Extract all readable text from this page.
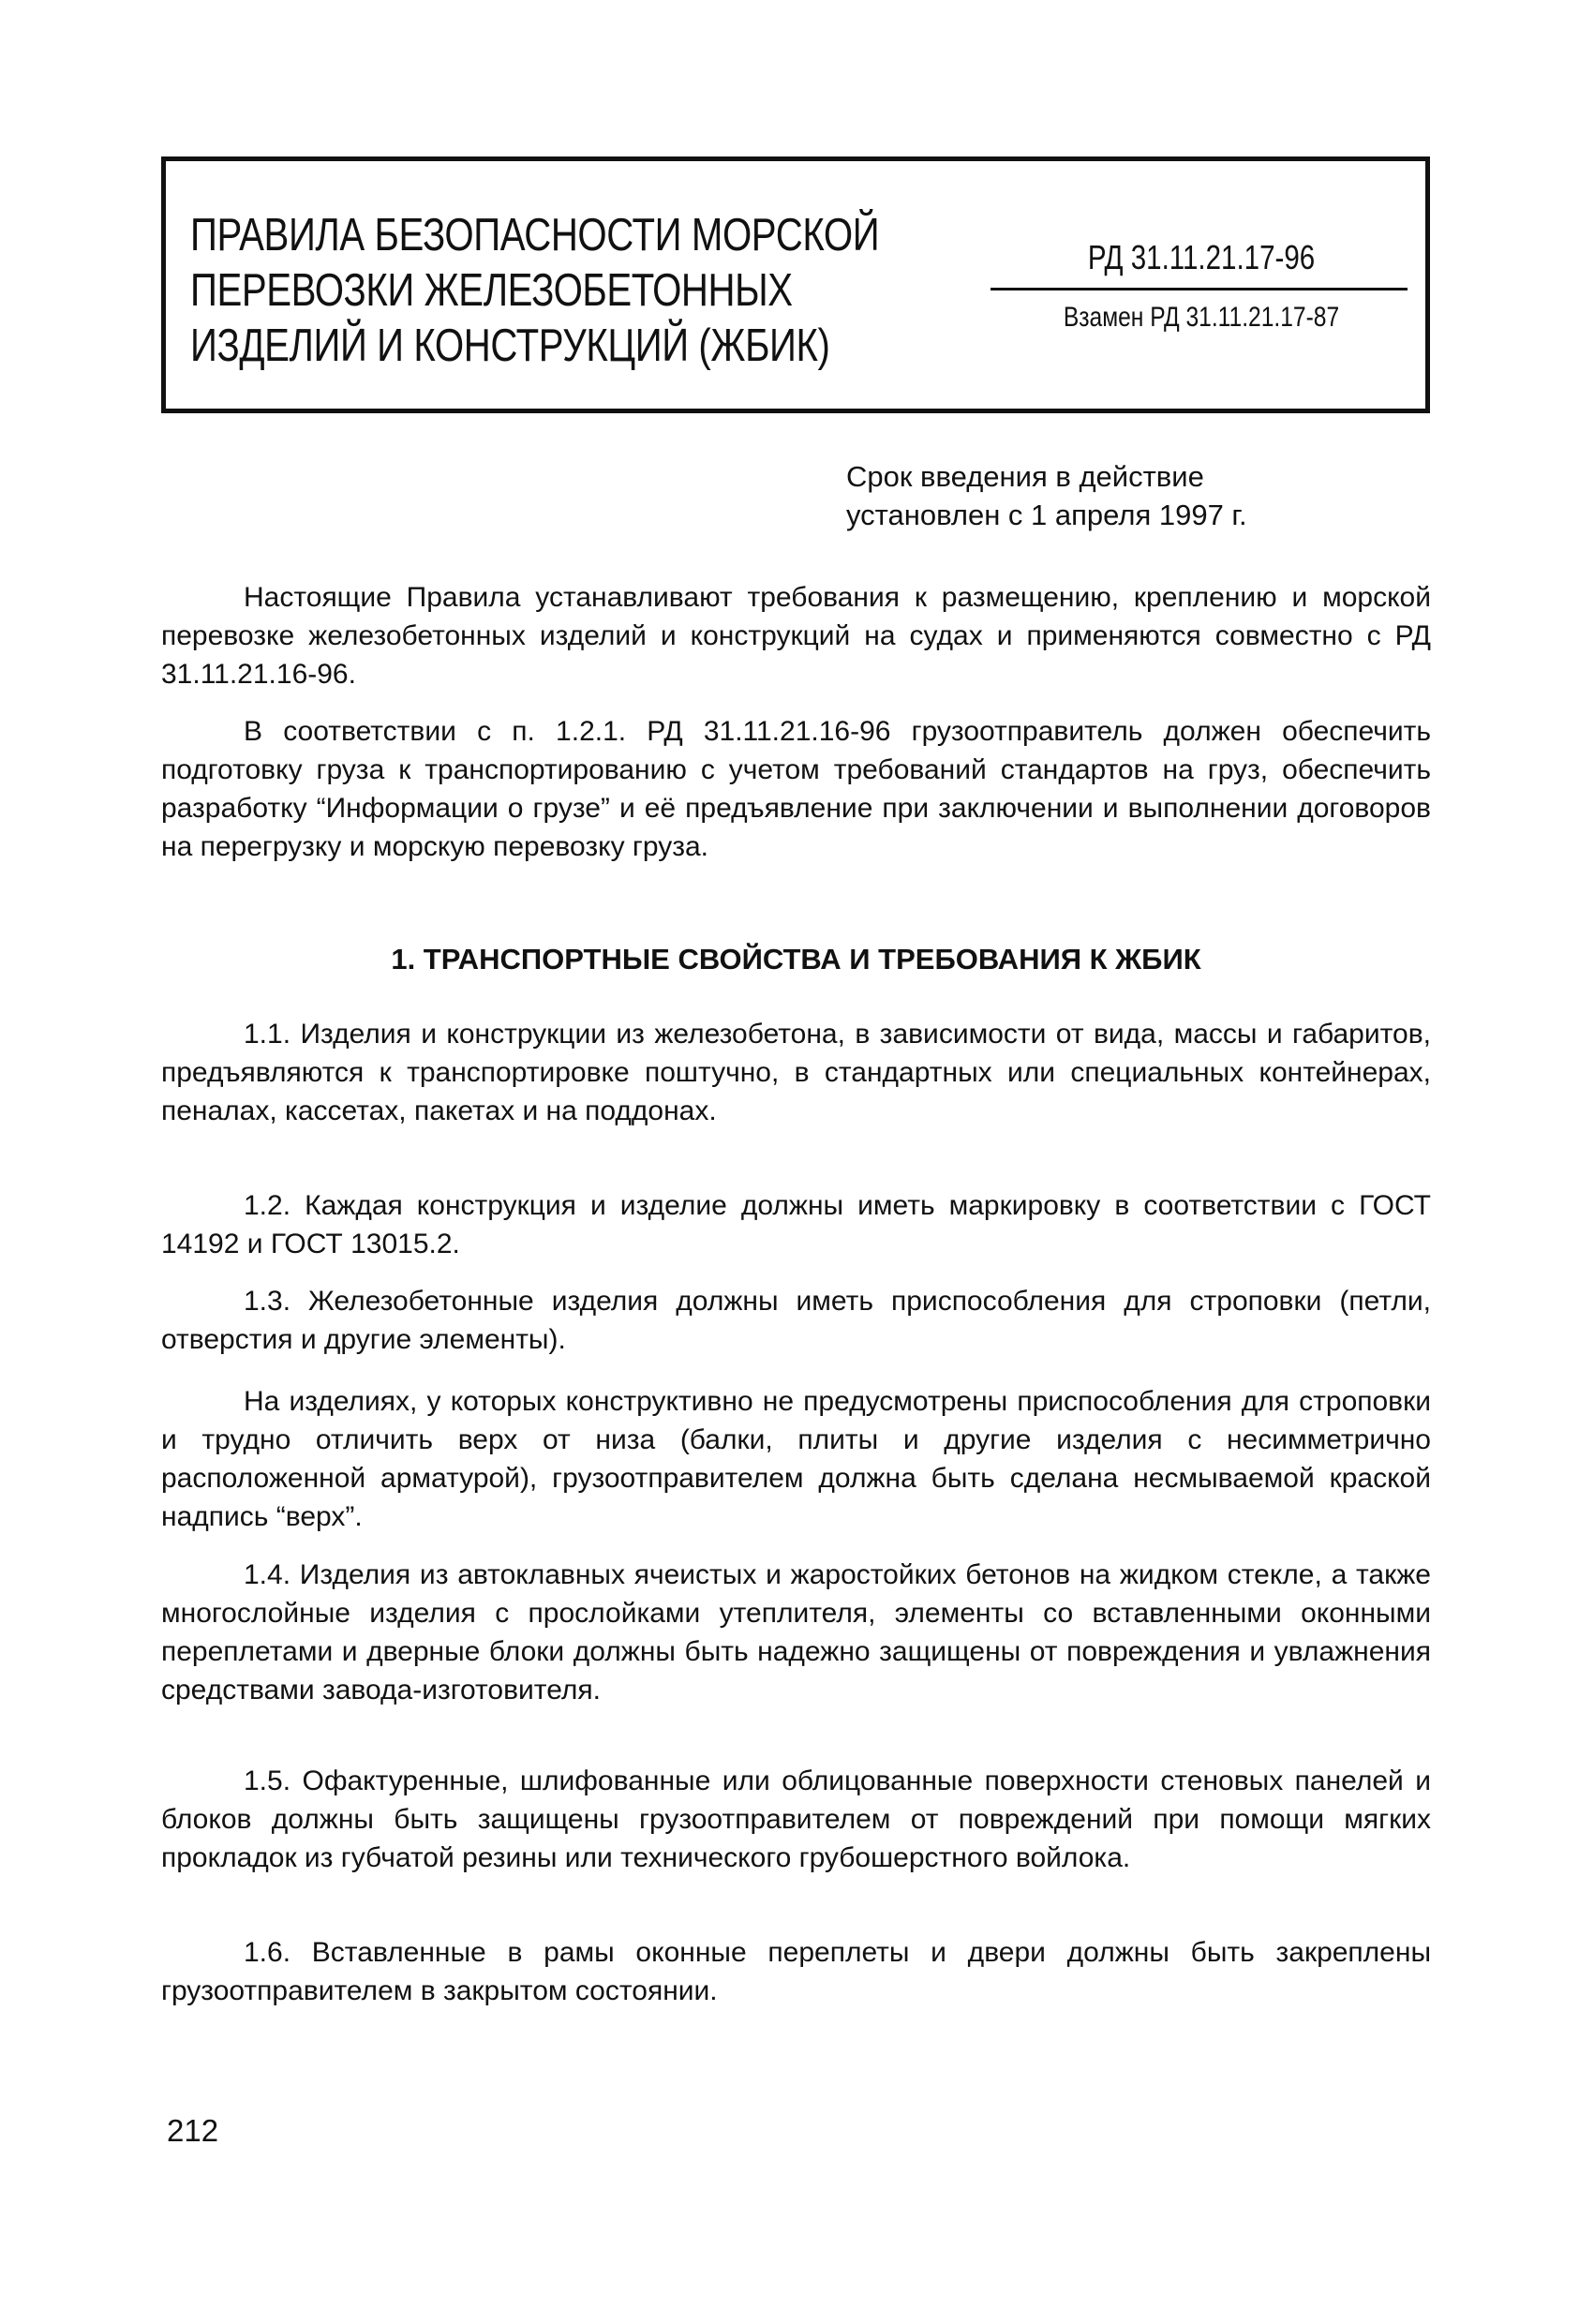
ПРАВИЛА БЕЗОПАСНОСТИ МОРСКОЙ
ПЕРЕВОЗКИ ЖЕЛЕЗОБЕТОННЫХ
ИЗДЕЛИЙ И КОНСТРУКЦИЙ (ЖБИК)
РД 31.11.21.17-96
Взамен РД 31.11.21.17-87
Срок введения в действие
установлен с 1 апреля 1997 г.

Настоящие Правила устанавливают требования к размещению, креплению и морской перевозке железобетонных изделий и конструкций на судах и применяются совместно с РД 31.11.21.16-96.

В соответствии с п. 1.2.1. РД 31.11.21.16-96 грузоотправитель должен обеспечить подготовку груза к транспортированию с учетом требований стандартов на груз, обеспечить разработку “Информации о грузе” и её предъявление при заключении и выполнении договоров на перегрузку и морскую перевозку груза.

1. ТРАНСПОРТНЫЕ СВОЙСТВА И ТРЕБОВАНИЯ К ЖБИК

1.1. Изделия и конструкции из железобетона, в зависимости от вида, массы и габаритов, предъявляются к транспортировке поштучно, в стандартных или специальных контейнерах, пеналах, кассетах, пакетах и на поддонах.

1.2. Каждая конструкция и изделие должны иметь маркировку в соответствии с ГОСТ 14192 и ГОСТ 13015.2.

1.3. Железобетонные изделия должны иметь приспособления для строповки (петли, отверстия и другие элементы).

На изделиях, у которых конструктивно не предусмотрены приспособления для строповки и трудно отличить верх от низа (балки, плиты и другие изделия с несимметрично расположенной арматурой), грузоотправителем должна быть сделана несмываемой краской надпись “верх”.

1.4. Изделия из автоклавных ячеистых и жаростойких бетонов на жидком стекле, а также многослойные изделия с прослойками утеплителя, элементы со вставленными оконными переплетами и дверные блоки должны быть надежно защищены от повреждения и увлажнения средствами завода-изготовителя.

1.5. Офактуренные, шлифованные или облицованные поверхности стеновых панелей и блоков должны быть защищены грузоотправителем от повреждений при помощи мягких прокладок из губчатой резины или технического грубошерстного войлока.

1.6. Вставленные в рамы оконные переплеты и двери должны быть закреплены грузоотправителем в закрытом состоянии.

212
